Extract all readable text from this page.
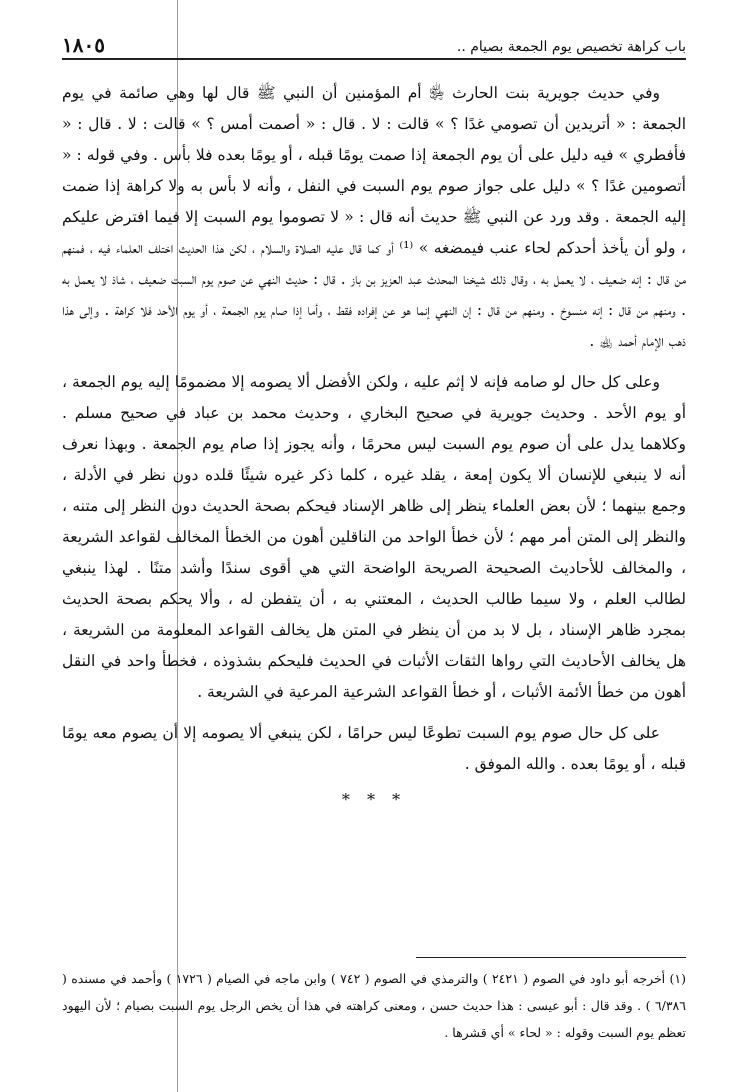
باب كراهة تخصيص يوم الجمعة بصيام ..
١٨٠٥

وفي حديث جويرية بنت الحارث ﵂ أم المؤمنين أن النبي ﷺ قال لها وهي صائمة في يوم الجمعة : « أتريدين أن تصومي غدًا ؟ » قالت : لا . قال : « أصمت أمس ؟ » قالت : لا . قال : « فأفطري » فيه دليل على أن يوم الجمعة إذا صمت يومًا قبله ، أو يومًا بعده فلا بأس . وفي قوله : « أتصومين غدًا ؟ » دليل على جواز صوم يوم السبت في النفل ، وأنه لا بأس به ولا كراهة إذا ضمت إليه الجمعة . وقد ورد عن النبي ﷺ حديث أنه قال : « لا تصوموا يوم السبت إلا فيما افترض عليكم ، ولو أن يأخذ أحدكم لحاء عنب فيمضغه » ⁽¹⁾ أو كما قال عليه الصلاة والسلام ، لكن هذا الحديث اختلف العلماء فيه ، فمنهم من قال : إنه ضعيف ، لا يعمل به ، وقال ذلك شيخنا المحدث عبد العزيز بن باز . قال : حديث النهي عن صوم يوم السبت ضعيف ، شاذ لا يعمل به . ومنهم من قال : إنه منسوخ . ومنهم من قال : إن النهي إنما هو عن إفراده فقط ، وأما إذا صام يوم الجمعة ، أو يوم الأحد فلا كراهة . وإلى هذا ذهب الإمام أحمد ﵀ .

وعلى كل حال لو صامه فإنه لا إثم عليه ، ولكن الأفضل ألا يصومه إلا مضمومًا إليه يوم الجمعة ، أو يوم الأحد . وحديث جويرية في صحيح البخاري ، وحديث محمد بن عباد في صحيح مسلم . وكلاهما يدل على أن صوم يوم السبت ليس محرمًا ، وأنه يجوز إذا صام يوم الجمعة . وبهذا نعرف أنه لا ينبغي للإنسان ألا يكون إمعة ، يقلد غيره ، كلما ذكر غيره شيئًا قلده دون نظر في الأدلة ، وجمع بينهما ؛ لأن بعض العلماء ينظر إلى ظاهر الإسناد فيحكم بصحة الحديث دون النظر إلى متنه ، والنظر إلى المتن أمر مهم ؛ لأن خطأ الواحد من الناقلين أهون من الخطأ المخالف لقواعد الشريعة ، والمخالف للأحاديث الصحيحة الصريحة الواضحة التي هي أقوى سندًا وأشد متنًا . لهذا ينبغي لطالب العلم ، ولا سيما طالب الحديث ، المعتني به ، أن يتفطن له ، وألا يحكم بصحة الحديث بمجرد ظاهر الإسناد ، بل لا بد من أن ينظر في المتن هل يخالف القواعد المعلومة من الشريعة ، هل يخالف الأحاديث التي رواها الثقات الأثبات في الحديث فليحكم بشذوذه ، فخطأ واحد في النقل أهون من خطأ الأئمة الأثبات ، أو خطأ القواعد الشرعية المرعية في الشريعة .

على كل حال صوم يوم السبت تطوعًا ليس حرامًا ، لكن ينبغي ألا يصومه إلا أن يصوم معه يومًا قبله ، أو يومًا بعده . والله الموفق .

* * *

(١) أخرجه أبو داود في الصوم ( ٢٤٢١ ) والترمذي في الصوم ( ٧٤٢ ) وابن ماجه في الصيام ( ١٧٢٦ ) وأحمد في مسنده ( ٦/٣٨٦ ) . وقد قال : أبو عيسى : هذا حديث حسن ، ومعنى كراهته في هذا أن يخص الرجل يوم السبت بصيام ؛ لأن اليهود تعظم يوم السبت وقوله : « لحاء » أي قشرها .
